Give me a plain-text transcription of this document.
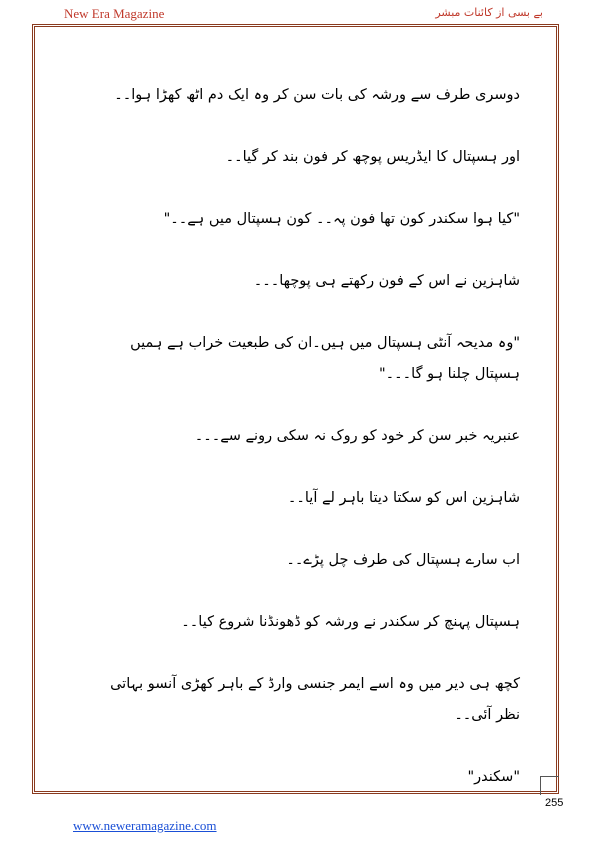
New Era Magazine	بے بسی از کائنات مبشر

دوسری طرف سے ورشہ کی بات سن کر وہ ایک دم اٹھ کھڑا ہوا۔۔

اور ہسپتال کا ایڈریس پوچھ کر فون بند کر گیا۔۔

"کیا ہوا سکندر کون تھا فون پہ۔۔ کون ہسپتال میں ہے۔۔"

شاہزین نے اس کے فون رکھتے ہی پوچھا۔۔۔

"وہ مدیحہ آنٹی ہسپتال میں ہیں۔ان کی طبعیت خراب ہے ہمیں ہسپتال چلنا ہو گا۔۔۔"

عنبریہ خبر سن کر خود کو روک نہ سکی رونے سے۔۔۔

شاہزین اس کو سکتا دیتا باہر لے آیا۔۔

اب سارے ہسپتال کی طرف چل پڑے۔۔

ہسپتال پہنچ کر سکندر نے ورشہ کو ڈھونڈنا شروع کیا۔۔

کچھ ہی دیر میں وہ اسے ایمر جنسی وارڈ کے باہر کھڑی آنسو بہاتی نظر آئی۔۔

"سکندر"

255
www.neweramagazine.com
